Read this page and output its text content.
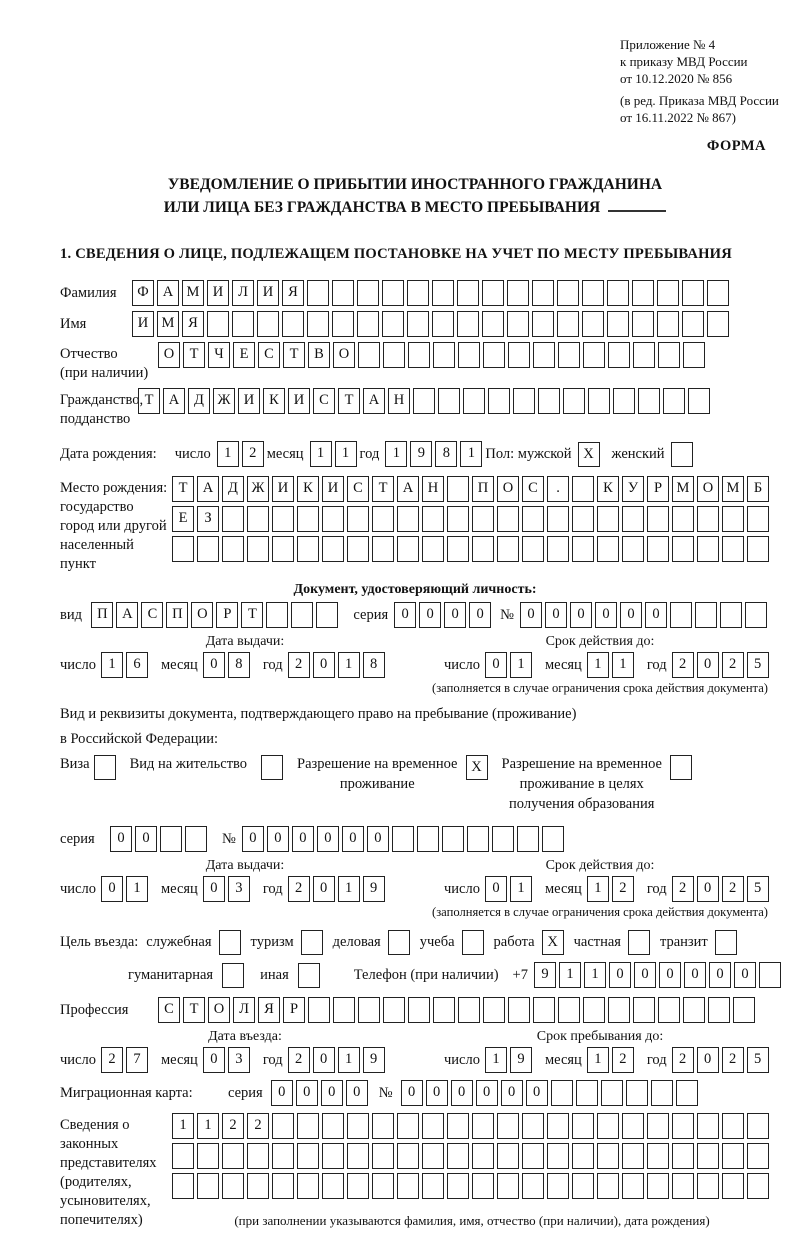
Приложение № 4
к приказу МВД России
от 10.12.2020 № 856
(в ред. Приказа МВД России
от 16.11.2022 № 867)
ФОРМА
УВЕДОМЛЕНИЕ О ПРИБЫТИИ ИНОСТРАННОГО ГРАЖДАНИНА
ИЛИ ЛИЦА БЕЗ ГРАЖДАНСТВА В МЕСТО ПРЕБЫВАНИЯ
1. СВЕДЕНИЯ О ЛИЦЕ, ПОДЛЕЖАЩЕМ ПОСТАНОВКЕ НА УЧЕТ ПО МЕСТУ ПРЕБЫВАНИЯ
Фамилия	Ф А М И	Л	И	Я
Имя	И М Я
Отчество
(при наличии)
О	Т	Ч	Е	С	Т	В	О
Гражданство,
подданство
Т	А	Д Ж И	К	И	С	Т	А	Н
Дата рождения: число 1	2 месяц 1	1 год 1	9	8	1 Пол: мужской X	женский
Место рождения:
государство
город или другой
населенный пункт
Т	А	Д Ж И	К	И	С	Т	А	Н	П	О	С	.	К	У	Р	М О М Б
Е	З
Документ, удостоверяющий личность:
вид	П	А	С	П	О	Р	Т	серия 0	0	0	0	№ 0	0	0	0	0	0
Дата выдачи:	Срок действия до:
число 1	6	месяц 0	8	год 2	0	1	8	число 0	1	месяц 1	1	год 2	0	2	5
(заполняется в случае ограничения срока действия документа)
Вид и реквизиты документа, подтверждающего право на пребывание (проживание)
в Российской Федерации:
Виза	Вид на жительство	Разрешение на временное
проживание
X	Разрешение на временное
проживание в целях
получения образования
серия	0	0	№ 0	0	0	0	0	0
Дата выдачи:	Срок действия до:
число 0	1	месяц 0	3	год 2	0	1	9	число 0	1	месяц 1	2	год 2	0	2	5
(заполняется в случае ограничения срока действия документа)
Цель въезда: служебная	туризм	деловая	учеба	работа X	частная	транзит
гуманитарная	иная	Телефон (при наличии) +7 9	1	1	0	0	0	0	0	0
Профессия	С	Т	О	Л	Я	Р
Дата въезда:	Срок пребывания до:
число 2	7	месяц 0	3	год 2	0	1	9	число 1	9	месяц 1	2	год 2	0	2	5
Миграционная карта:	серия	0	0	0	0	№	0	0	0	0	0	0
Сведения о
законных
представителях
(родителях,
усыновителях,
попечителях)
1	1	2	2
(при заполнении указываются фамилия, имя, отчество (при наличии), дата рождения)
